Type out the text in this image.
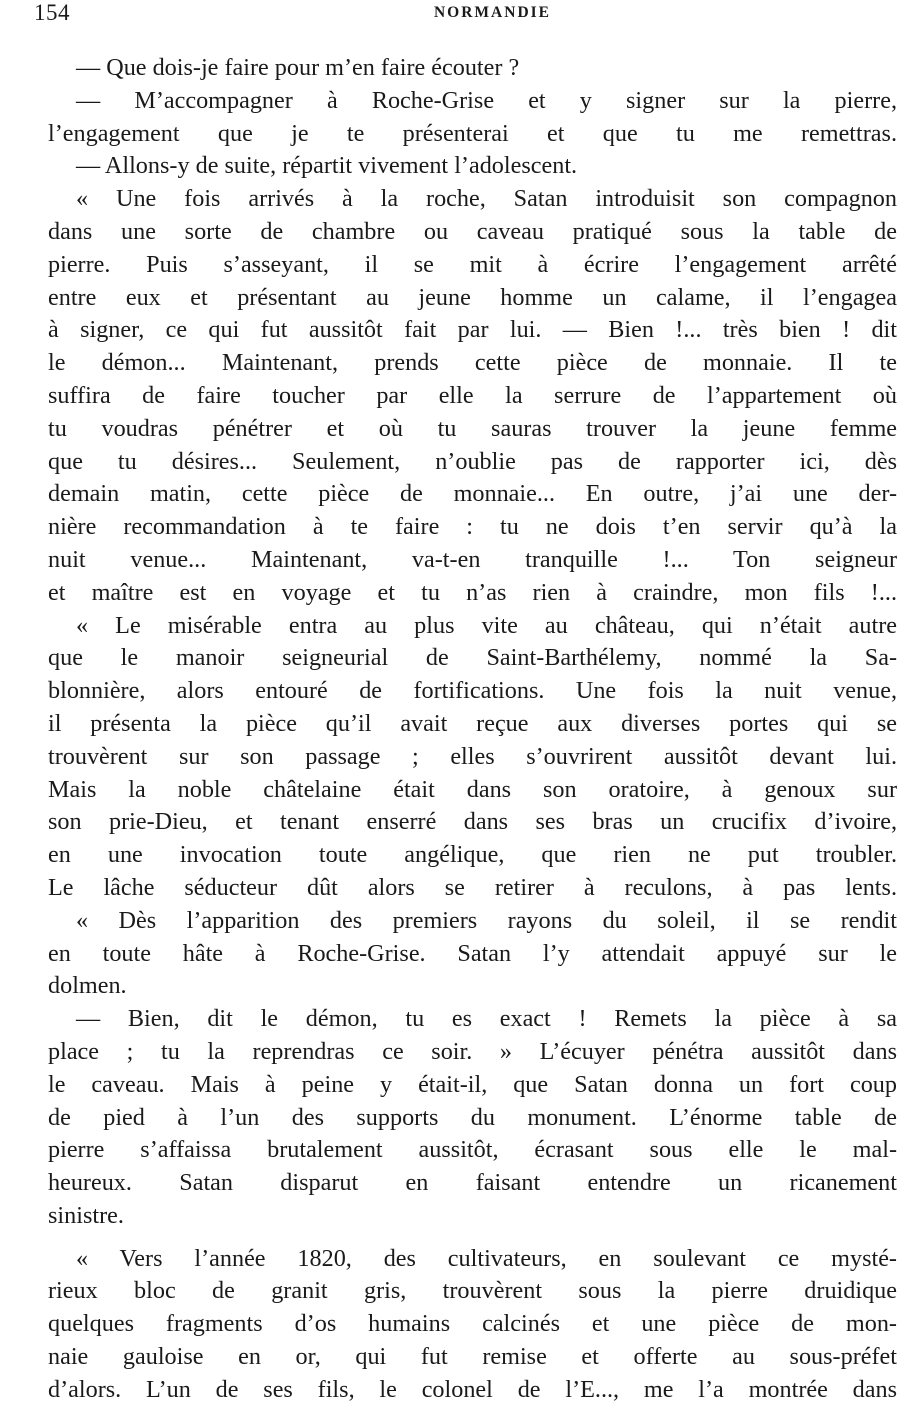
154	NORMANDIE
— Que dois-je faire pour m’en faire écouter ?
— M’accompagner à Roche-Grise et y signer sur la pierre,
l’engagement que je te présenterai et que tu me remettras.
— Allons-y de suite, répartit vivement l’adolescent.
« Une fois arrivés à la roche, Satan introduisit son compagnon
dans une sorte de chambre ou caveau pratiqué sous la table de
pierre. Puis s’asseyant, il se mit à écrire l’engagement arrêté
entre eux et présentant au jeune homme un calame, il l’engagea
à signer, ce qui fut aussitôt fait par lui. — Bien !... très bien ! dit
le démon... Maintenant, prends cette pièce de monnaie. Il te
suffira de faire toucher par elle la serrure de l’appartement où
tu voudras pénétrer et où tu sauras trouver la jeune femme
que tu désires... Seulement, n’oublie pas de rapporter ici, dès
demain matin, cette pièce de monnaie... En outre, j’ai une der-
nière recommandation à te faire : tu ne dois t’en servir qu’à la
nuit venue... Maintenant, va-t-en tranquille !... Ton seigneur
et maître est en voyage et tu n’as rien à craindre, mon fils !...
« Le misérable entra au plus vite au château, qui n’était autre
que le manoir seigneurial de Saint-Barthélemy, nommé la Sa-
blonnière, alors entouré de fortifications. Une fois la nuit venue,
il présenta la pièce qu’il avait reçue aux diverses portes qui se
trouvèrent sur son passage ; elles s’ouvrirent aussitôt devant lui.
Mais la noble châtelaine était dans son oratoire, à genoux sur
son prie-Dieu, et tenant enserré dans ses bras un crucifix d’ivoire,
en une invocation toute angélique, que rien ne put troubler.
Le lâche séducteur dût alors se retirer à reculons, à pas lents.
« Dès l’apparition des premiers rayons du soleil, il se rendit
en toute hâte à Roche-Grise. Satan l’y attendait appuyé sur le
dolmen.
— Bien, dit le démon, tu es exact ! Remets la pièce à sa
place ; tu la reprendras ce soir. » L’écuyer pénétra aussitôt dans
le caveau. Mais à peine y était-il, que Satan donna un fort coup
de pied à l’un des supports du monument. L’énorme table de
pierre s’affaissa brutalement aussitôt, écrasant sous elle le mal-
heureux. Satan disparut en faisant entendre un ricanement
sinistre.
« Vers l’année 1820, des cultivateurs, en soulevant ce mysté-
rieux bloc de granit gris, trouvèrent sous la pierre druidique
quelques fragments d’os humains calcinés et une pièce de mon-
naie gauloise en or, qui fut remise et offerte au sous-préfet
d’alors. L’un de ses fils, le colonel de l’E..., me l’a montrée dans
